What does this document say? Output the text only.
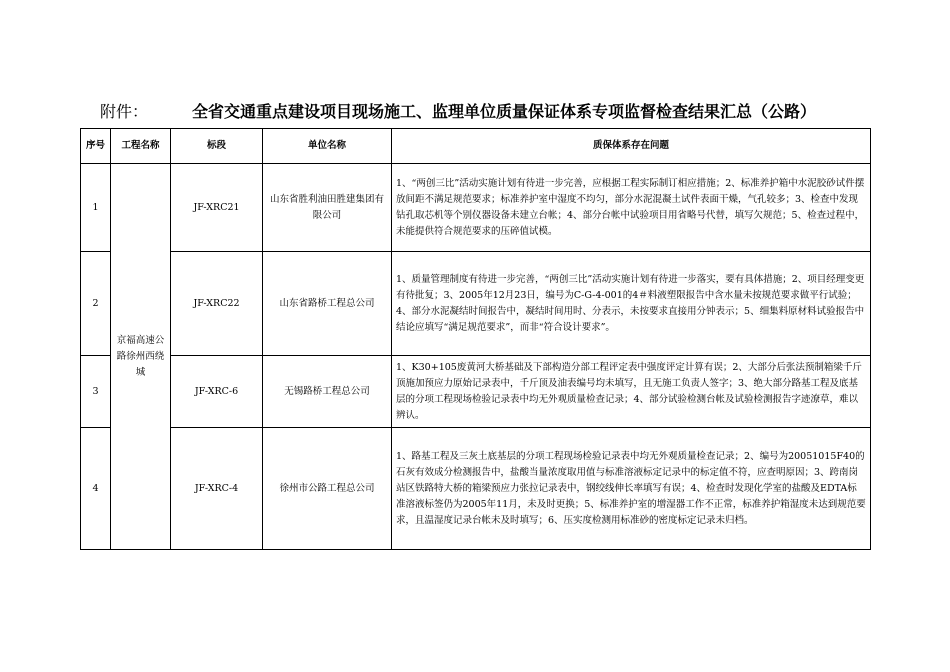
附件：	全省交通重点建设项目现场施工、监理单位质量保证体系专项监督检查结果汇总（公路）
序号	工程名称	标段	单位名称	质保体系存在问题
1	京福高速公路徐州西绕城	JF-XRC21	山东省胜利油田胜建集团有限公司	1、“两创三比”活动实施计划有待进一步完善，应根据工程实际制订相应措施；2、标准养护箱中水泥胶砂试件摆放间距不满足规范要求；标准养护室中湿度不均匀，部分水泥混凝土试件表面干燥，气孔较多；3、检查中发现钻孔取芯机等个别仪器设备未建立台帐；4、部分台帐中试验项目用省略号代替，填写欠规范；5、检查过程中，未能提供符合规范要求的压碎值试模。
2		JF-XRC22	山东省路桥工程总公司	1、质量管理制度有待进一步完善，“两创三比”活动实施计划有待进一步落实，要有具体措施；2、项目经理变更有待批复；3、2005年12月23日，编号为C-G-4-001的4＃料液塑限报告中含水量未按规范要求做平行试验；4、部分水泥凝结时间报告中，凝结时间用时、分表示，未按要求直接用分钟表示；5、细集料原材料试验报告中结论应填写“满足规范要求”，而非“符合设计要求”。
3		JF-XRC-6	无锡路桥工程总公司	1、K30+105废黄河大桥基础及下部构造分部工程评定表中强度评定计算有误；2、大部分后张法预制箱梁千斤顶施加预应力原始记录表中，千斤顶及油表编号均未填写，且无施工负责人签字；3、绝大部分路基工程及底基层的分项工程现场检验记录表中均无外观质量检查记录；4、部分试验检测台帐及试验检测报告字迹潦草，难以辨认。
4		JF-XRC-4	徐州市公路工程总公司	1、路基工程及三灰土底基层的分项工程现场检验记录表中均无外观质量检查记录；2、编号为20051015F40的石灰有效成分检测报告中，盐酸当量浓度取用值与标准溶液标定记录中的标定值不符，应查明原因；3、跨南岗站区铁路特大桥的箱梁预应力张拉记录表中，钢绞线伸长率填写有误；4、检查时发现化学室的盐酸及EDTA标准溶液标签仍为2005年11月，未及时更换；5、标准养护室的增湿器工作不正常，标准养护箱湿度未达到规范要求，且温湿度记录台帐未及时填写；6、压实度检测用标准砂的密度标定记录未归档。
